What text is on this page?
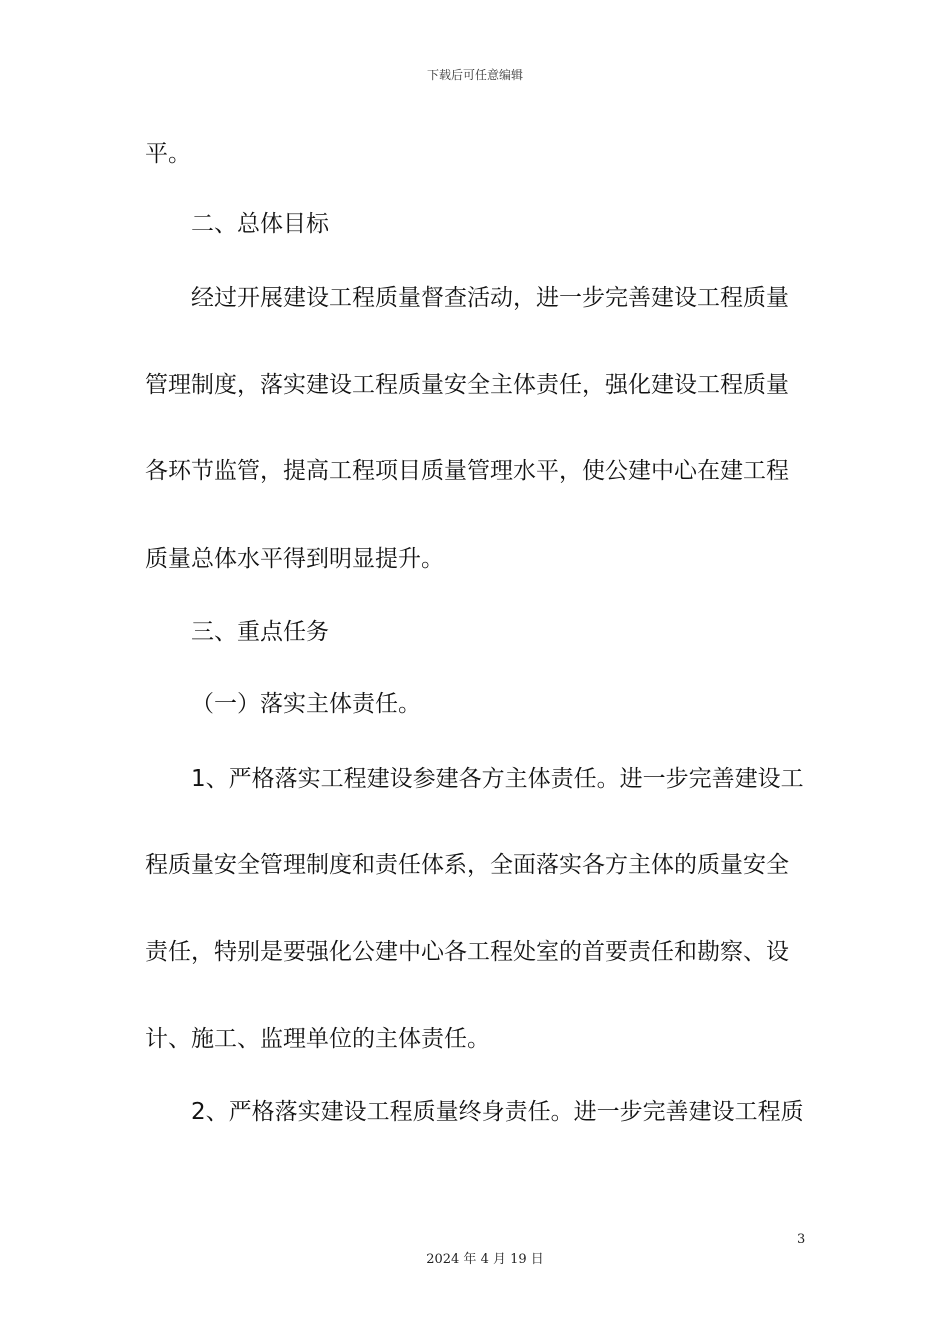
下载后可任意编辑
平。
二、总体目标
经过开展建设工程质量督查活动，进一步完善建设工程质量
管理制度，落实建设工程质量安全主体责任，强化建设工程质量
各环节监管，提高工程项目质量管理水平，使公建中心在建工程
质量总体水平得到明显提升。
三、重点任务
（一）落实主体责任。
1、严格落实工程建设参建各方主体责任。进一步完善建设工
程质量安全管理制度和责任体系，全面落实各方主体的质量安全
责任，特别是要强化公建中心各工程处室的首要责任和勘察、设
计、施工、监理单位的主体责任。
2、严格落实建设工程质量终身责任。进一步完善建设工程质
3
2024 年 4 月 19 日
